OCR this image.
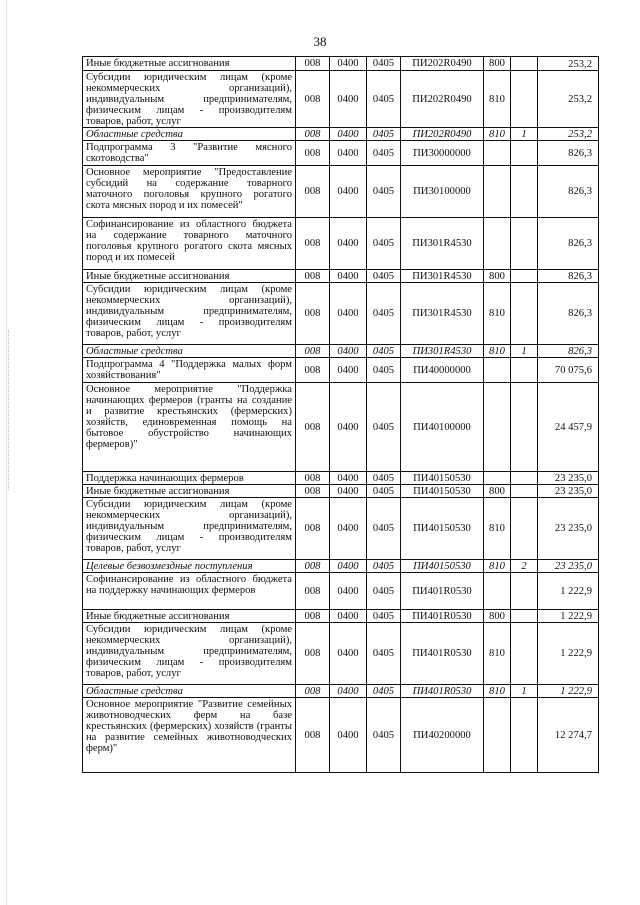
38
Иные бюджетные ассигнования	008	0400	0405	ПИ202R0490	800		253,2
Субсидии юридическим лицам (кроме некоммерческих организаций), индивидуальным предпринимателям, физическим лицам - производителям товаров, работ, услуг	008	0400	0405	ПИ202R0490	810		253,2
Областные средства	008	0400	0405	ПИ202R0490	810	1	253,2
Подпрограмма 3 "Развитие мясного скотоводства"	008	0400	0405	ПИ30000000			826,3
Основное мероприятие "Предоставление субсидий на содержание товарного маточного поголовья крупного рогатого скота мясных пород и их помесей"	008	0400	0405	ПИ30100000			826,3
Софинансирование из областного бюджета на содержание товарного маточного поголовья крупного рогатого скота мясных пород и их помесей	008	0400	0405	ПИ301R4530			826,3
Иные бюджетные ассигнования	008	0400	0405	ПИ301R4530	800		826,3
Субсидии юридическим лицам (кроме некоммерческих организаций), индивидуальным предпринимателям, физическим лицам - производителям товаров, работ, услуг	008	0400	0405	ПИ301R4530	810		826,3
Областные средства	008	0400	0405	ПИ301R4530	810	1	826,3
Подпрограмма 4 "Поддержка малых форм хозяйствования"	008	0400	0405	ПИ40000000			70 075,6
Основное мероприятие "Поддержка начинающих фермеров (гранты на создание и развитие крестьянских (фермерских) хозяйств, единовременная помощь на бытовое обустройство начинающих фермеров)"	008	0400	0405	ПИ40100000			24 457,9
Поддержка начинающих фермеров	008	0400	0405	ПИ40150530			23 235,0
Иные бюджетные ассигнования	008	0400	0405	ПИ40150530	800		23 235,0
Субсидии юридическим лицам (кроме некоммерческих организаций), индивидуальным предпринимателям, физическим лицам - производителям товаров, работ, услуг	008	0400	0405	ПИ40150530	810		23 235,0
Целевые безвозмездные поступления	008	0400	0405	ПИ40150530	810	2	23 235,0
Софинансирование из областного бюджета на поддержку начинающих фермеров	008	0400	0405	ПИ401R0530			1 222,9
Иные бюджетные ассигнования	008	0400	0405	ПИ401R0530	800		1 222,9
Субсидии юридическим лицам (кроме некоммерческих организаций), индивидуальным предпринимателям, физическим лицам - производителям товаров, работ, услуг	008	0400	0405	ПИ401R0530	810		1 222,9
Областные средства	008	0400	0405	ПИ401R0530	810	1	1 222,9
Основное мероприятие "Развитие семейных животноводческих ферм на базе крестьянских (фермерских) хозяйств (гранты на развитие семейных животноводческих ферм)"	008	0400	0405	ПИ40200000			12 274,7
